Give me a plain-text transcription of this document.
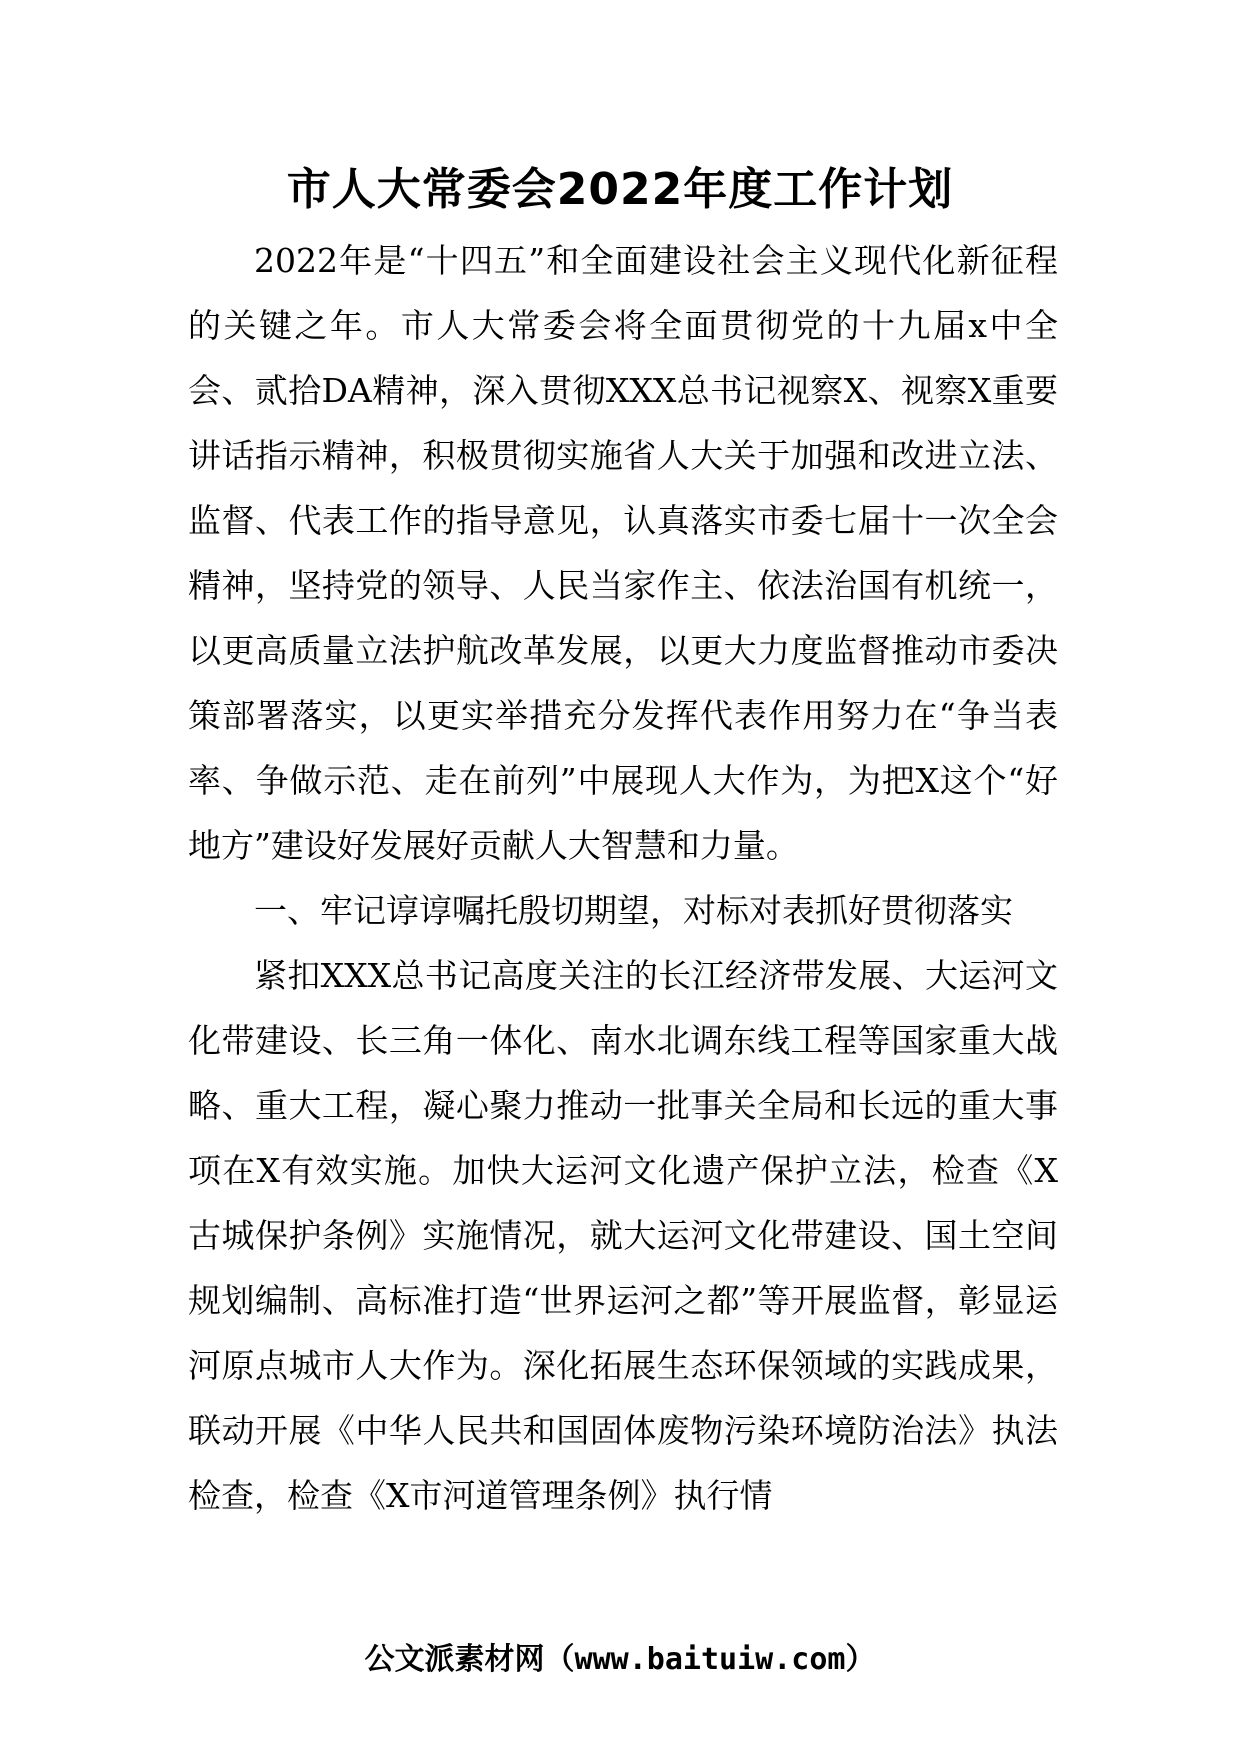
市人大常委会2022年度工作计划

2022年是“十四五”和全面建设社会主义现代化新征程的关键之年。市人大常委会将全面贯彻党的十九届x中全会、贰拾DA精神，深入贯彻XXX总书记视察X、视察X重要讲话指示精神，积极贯彻实施省人大关于加强和改进立法、监督、代表工作的指导意见，认真落实市委七届十一次全会精神，坚持党的领导、人民当家作主、依法治国有机统一，以更高质量立法护航改革发展，以更大力度监督推动市委决策部署落实，以更实举措充分发挥代表作用努力在“争当表率、争做示范、走在前列”中展现人大作为，为把X这个“好地方”建设好发展好贡献人大智慧和力量。

一、牢记谆谆嘱托殷切期望，对标对表抓好贯彻落实

紧扣XXX总书记高度关注的长江经济带发展、大运河文化带建设、长三角一体化、南水北调东线工程等国家重大战略、重大工程，凝心聚力推动一批事关全局和长远的重大事项在X有效实施。加快大运河文化遗产保护立法，检查《X古城保护条例》实施情况，就大运河文化带建设、国土空间规划编制、高标准打造“世界运河之都”等开展监督，彰显运河原点城市人大作为。深化拓展生态环保领域的实践成果，联动开展《中华人民共和国固体废物污染环境防治法》执法检查，检查《X市河道管理条例》执行情

公文派素材网（www.baituiw.com）
